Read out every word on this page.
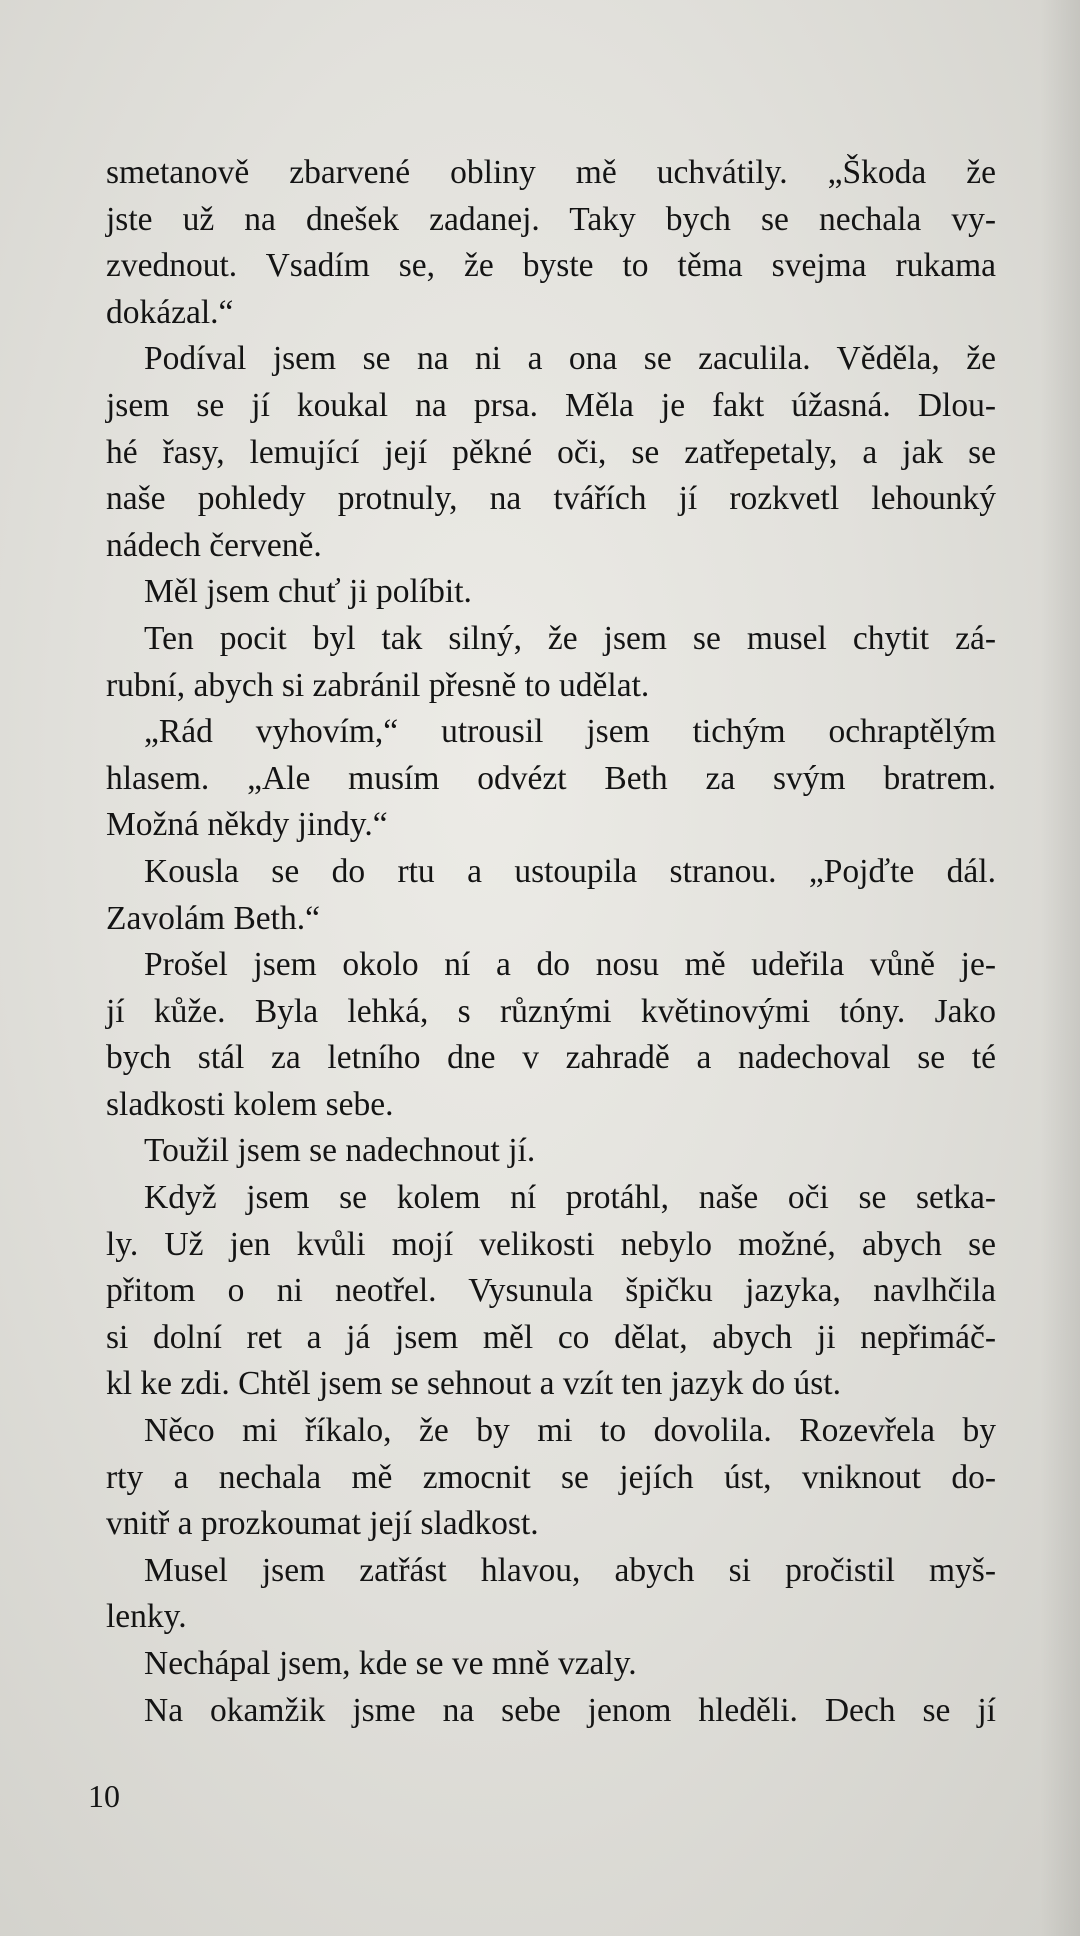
smetanově zbarvené obliny mě uchvátily. „Škoda že
jste už na dnešek zadanej. Taky bych se nechala vy-
zvednout. Vsadím se, že byste to těma svejma rukama
dokázal.“
Podíval jsem se na ni a ona se zaculila. Věděla, že
jsem se jí koukal na prsa. Měla je fakt úžasná. Dlou-
hé řasy, lemující její pěkné oči, se zatřepetaly, a jak se
naše pohledy protnuly, na tvářích jí rozkvetl lehounký
nádech červeně.
Měl jsem chuť ji políbit.
Ten pocit byl tak silný, že jsem se musel chytit zá-
rubní, abych si zabránil přesně to udělat.
„Rád vyhovím,“ utrousil jsem tichým ochraptělým
hlasem. „Ale musím odvézt Beth za svým bratrem.
Možná někdy jindy.“
Kousla se do rtu a ustoupila stranou. „Pojďte dál.
Zavolám Beth.“
Prošel jsem okolo ní a do nosu mě udeřila vůně je-
jí kůže. Byla lehká, s různými květinovými tóny. Jako
bych stál za letního dne v zahradě a nadechoval se té
sladkosti kolem sebe.
Toužil jsem se nadechnout jí.
Když jsem se kolem ní protáhl, naše oči se setka-
ly. Už jen kvůli mojí velikosti nebylo možné, abych se
přitom o ni neotřel. Vysunula špičku jazyka, navlhčila
si dolní ret a já jsem měl co dělat, abych ji nepřimáč-
kl ke zdi. Chtěl jsem se sehnout a vzít ten jazyk do úst.
Něco mi říkalo, že by mi to dovolila. Rozevřela by
rty a nechala mě zmocnit se jejích úst, vniknout do-
vnitř a prozkoumat její sladkost.
Musel jsem zatřást hlavou, abych si pročistil myš-
lenky.
Nechápal jsem, kde se ve mně vzaly.
Na okamžik jsme na sebe jenom hleděli. Dech se jí
10
